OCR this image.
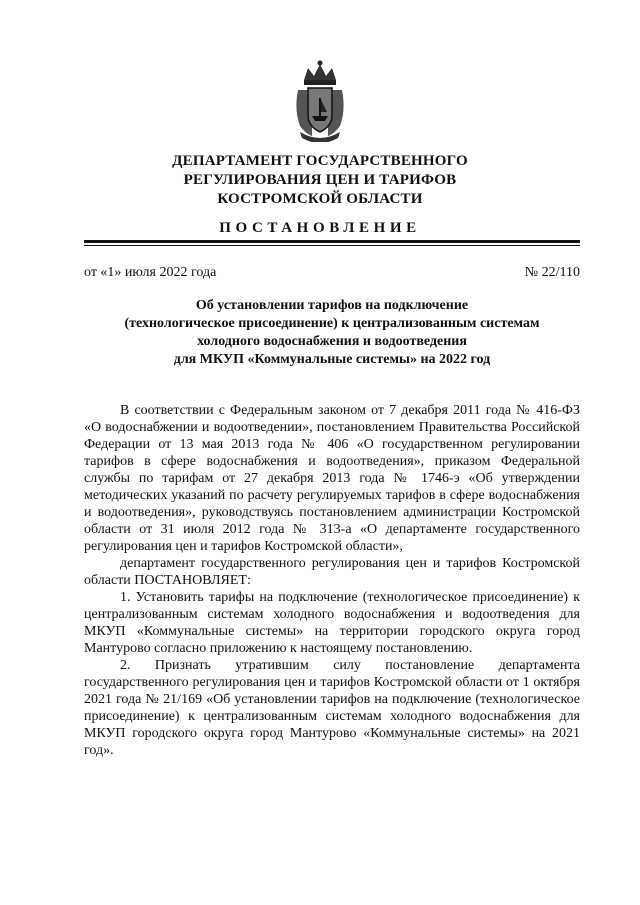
ДЕПАРТАМЕНТ ГОСУДАРСТВЕННОГО
РЕГУЛИРОВАНИЯ ЦЕН И ТАРИФОВ
КОСТРОМСКОЙ ОБЛАСТИ
ПОСТАНОВЛЕНИЕ
от «1» июля 2022 года	№ 22/110
Об установлении тарифов на подключение
(технологическое присоединение) к централизованным системам
холодного водоснабжения и водоотведения
для МКУП «Коммунальные системы» на 2022 год

В соответствии с Федеральным законом от 7 декабря 2011 года № 416-ФЗ «О водоснабжении и водоотведении», постановлением Правительства Российской Федерации от 13 мая 2013 года № 406 «О государственном регулировании тарифов в сфере водоснабжения и водоотведения», приказом Федеральной службы по тарифам от 27 декабря 2013 года № 1746-э «Об утверждении методических указаний по расчету регулируемых тарифов в сфере водоснабжения и водоотведения», руководствуясь постановлением администрации Костромской области от 31 июля 2012 года № 313-а «О департаменте государственного регулирования цен и тарифов Костромской области»,

департамент государственного регулирования цен и тарифов Костромской области ПОСТАНОВЛЯЕТ:

1. Установить тарифы на подключение (технологическое присоединение) к централизованным системам холодного водоснабжения и водоотведения для МКУП «Коммунальные системы» на территории городского округа город Мантурово согласно приложению к настоящему постановлению.

2. Признать утратившим силу постановление департамента государственного регулирования цен и тарифов Костромской области от 1 октября 2021 года № 21/169 «Об установлении тарифов на подключение (технологическое присоединение) к централизованным системам холодного водоснабжения для МКУП городского округа город Мантурово «Коммунальные системы» на 2021 год».
